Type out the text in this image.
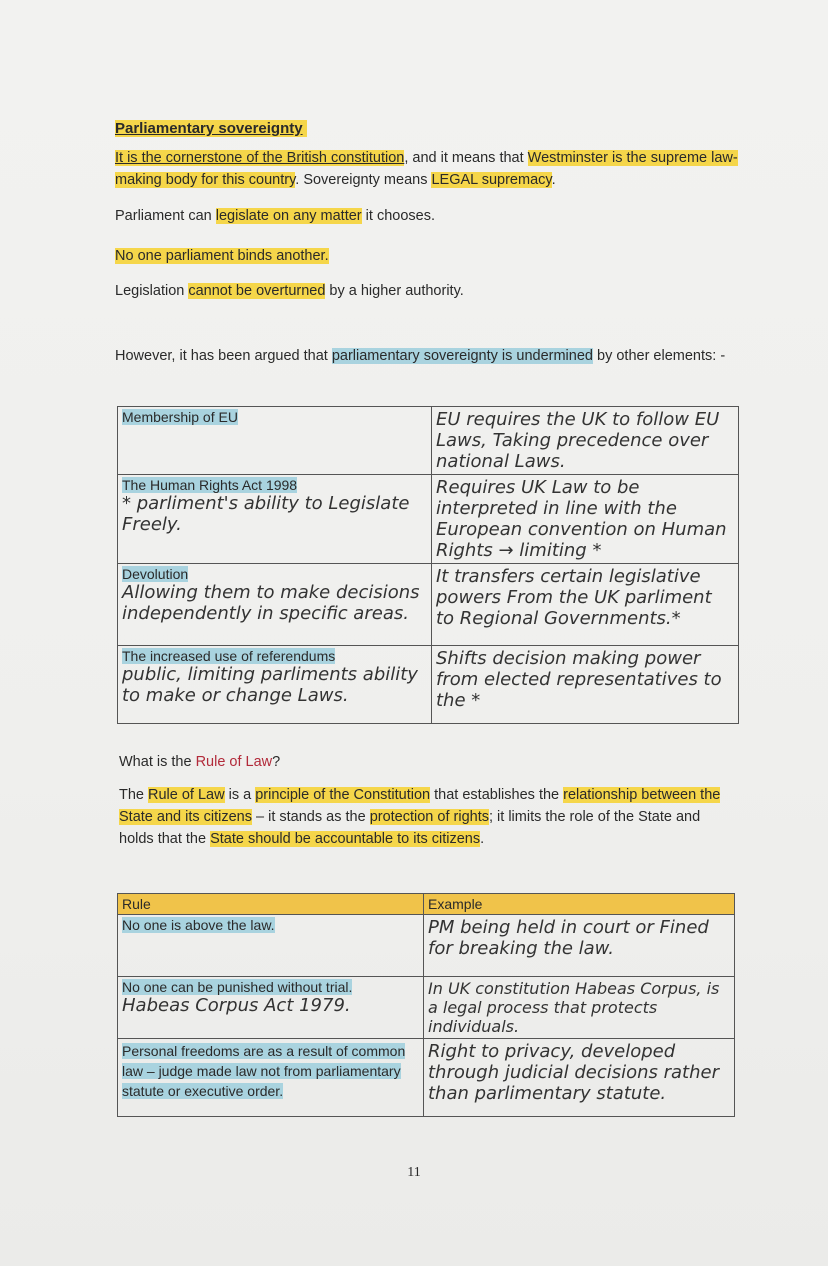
Parliamentary sovereignty
It is the cornerstone of the British constitution, and it means that Westminster is the supreme law-making body for this country. Sovereignty means LEGAL supremacy.
Parliament can legislate on any matter it chooses.
No one parliament binds another.
Legislation cannot be overturned by a higher authority.
However, it has been argued that parliamentary sovereignty is undermined by other elements: -
Membership of EU	EU requires the UK to follow EU Laws, Taking precedence over national Laws.
The Human Rights Act 1998
* parliment's ability to Legislate Freely.	Requires UK Law to be interpreted in line with the European convention on Human Rights → limiting *
Devolution
Allowing them to make decisions independently in specific areas.	It transfers certain legislative powers From the UK parliment to Regional Governments.*
The increased use of referendums
public, limiting parliments ability to make or change Laws.	Shifts decision making power from elected representatives to the *
What is the Rule of Law?
The Rule of Law is a principle of the Constitution that establishes the relationship between the State and its citizens – it stands as the protection of rights; it limits the role of the State and holds that the State should be accountable to its citizens.
Rule	Example
No one is above the law.	PM being held in court or Fined for breaking the law.
No one can be punished without trial.
Habeas Corpus Act 1979.	In UK constitution Habeas Corpus, is a legal process that protects individuals.
Personal freedoms are as a result of common law – judge made law not from parliamentary statute or executive order.	Right to privacy, developed through judicial decisions rather than parlimentary statute.
11
